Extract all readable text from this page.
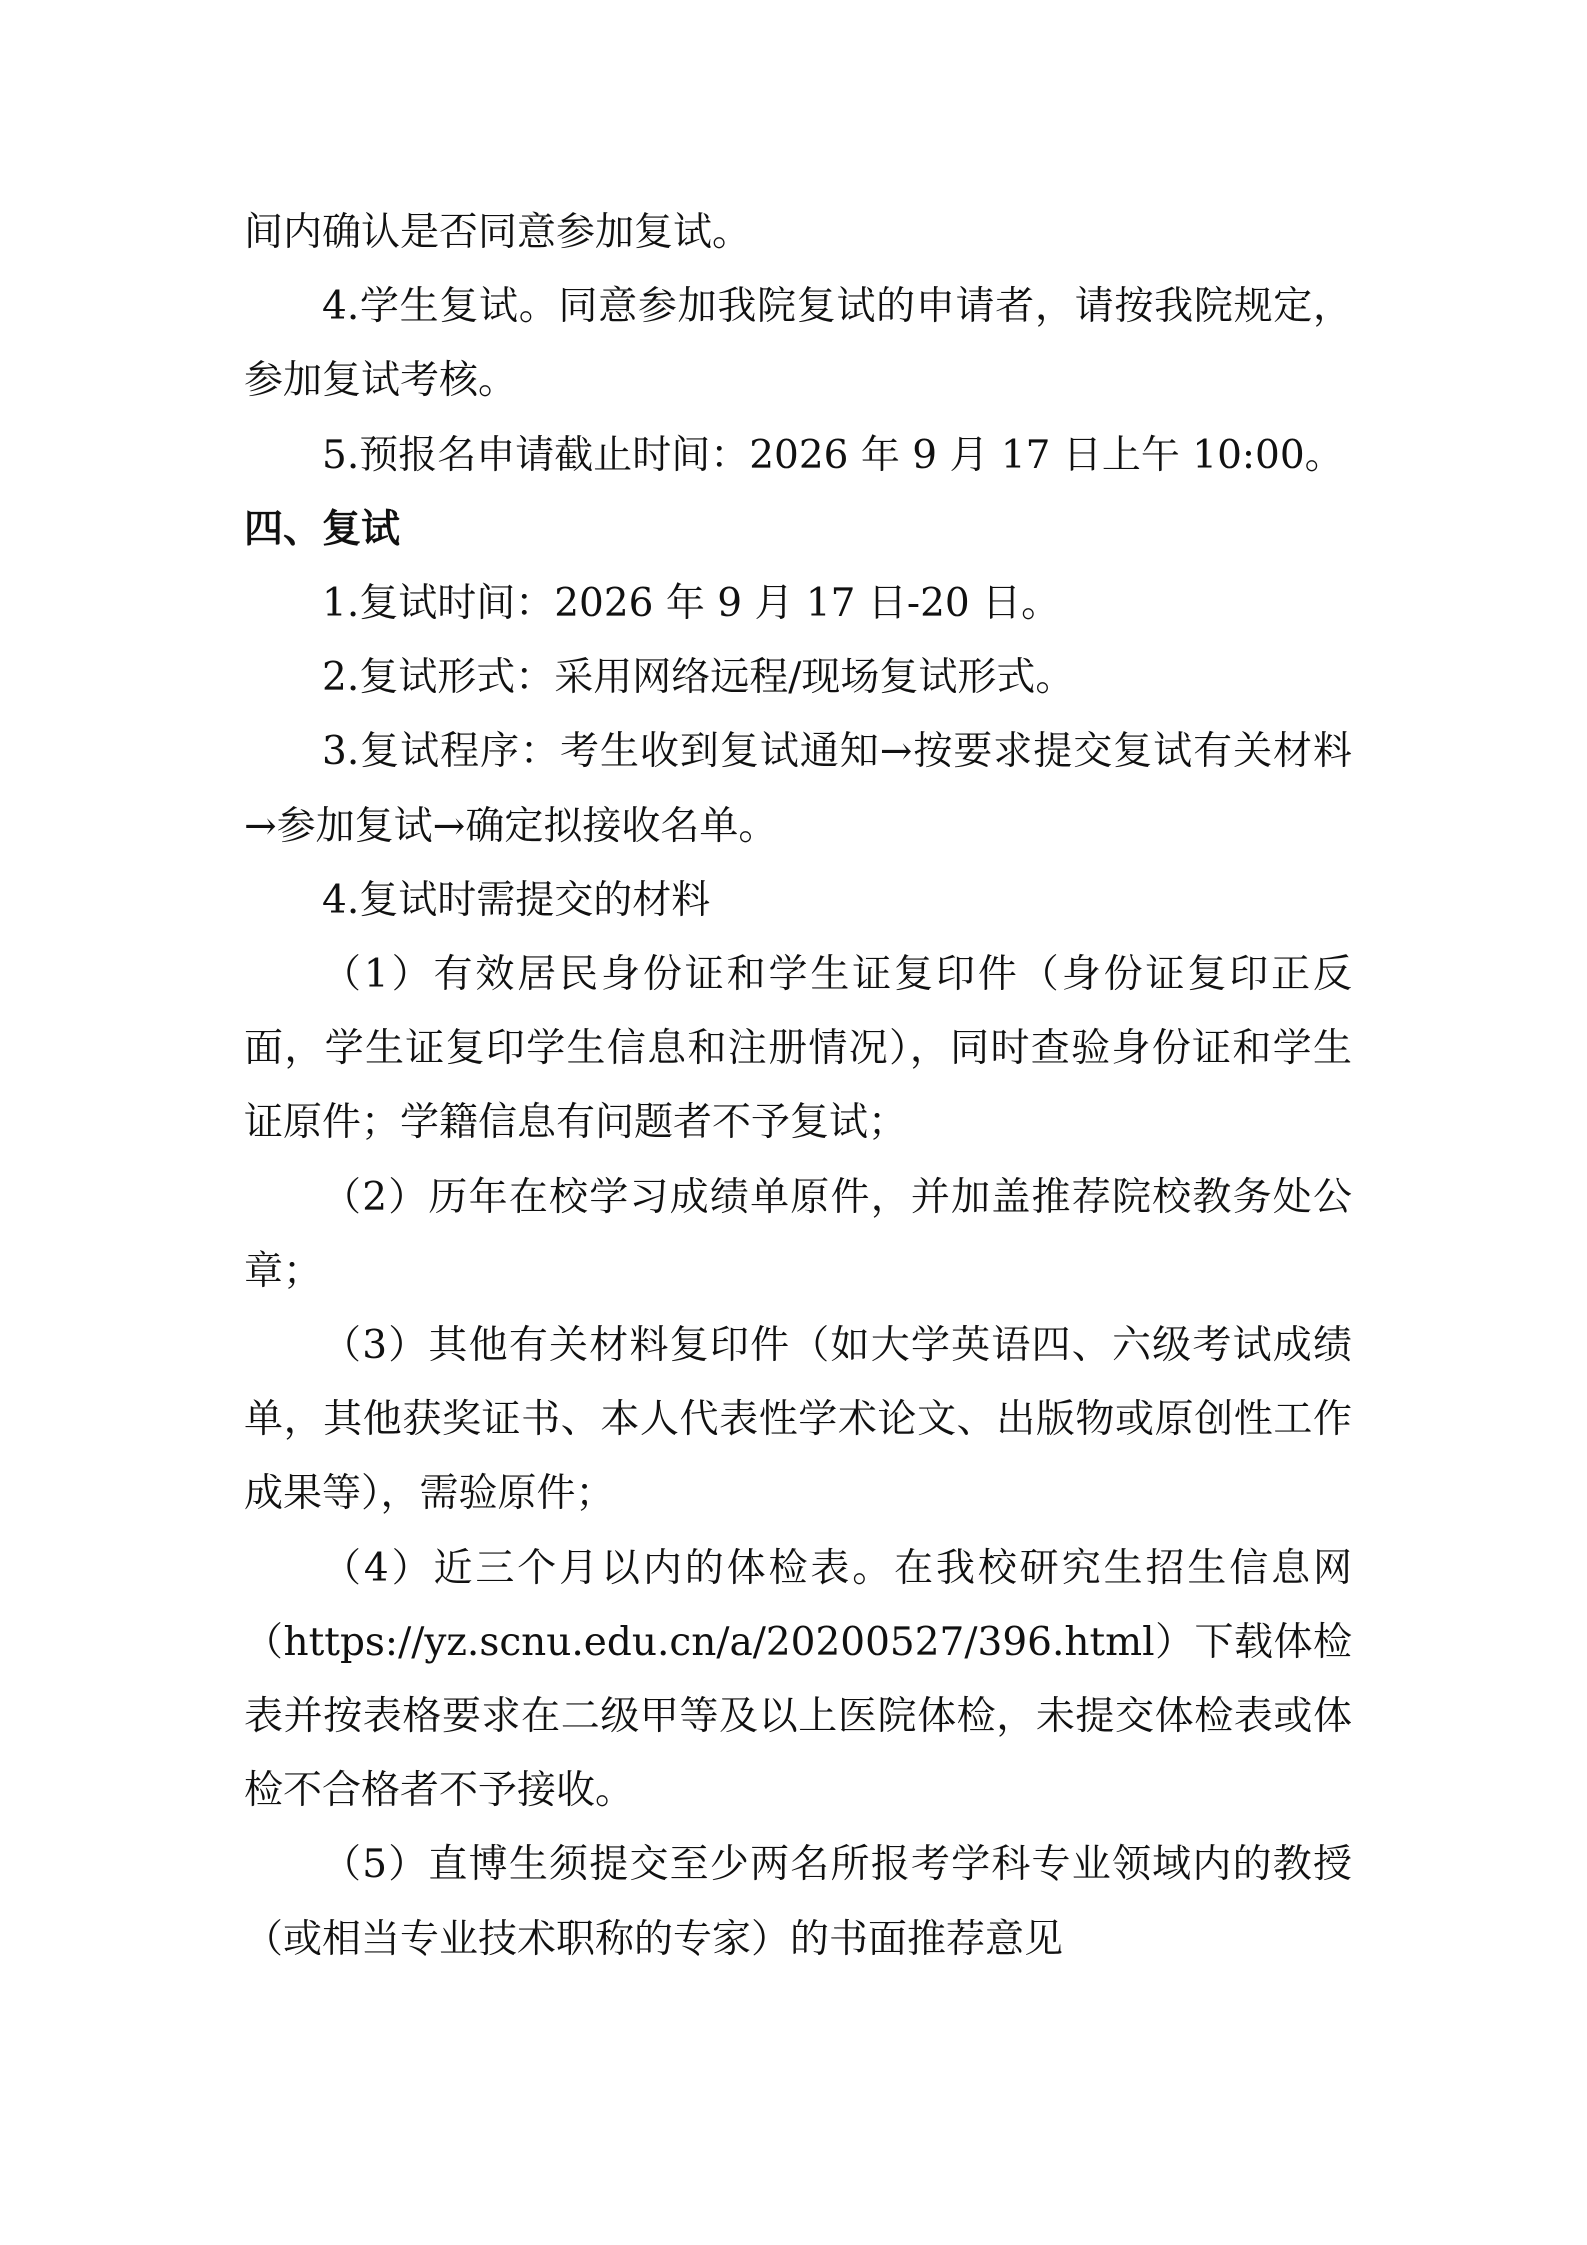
间内确认是否同意参加复试。

4.学生复试。同意参加我院复试的申请者，请按我院规定，参加复试考核。

5.预报名申请截止时间：2026 年 9 月 17 日上午 10:00。

四、复试

1.复试时间：2026 年 9 月 17 日-20 日。

2.复试形式：采用网络远程/现场复试形式。

3.复试程序：考生收到复试通知→按要求提交复试有关材料→参加复试→确定拟接收名单。

4.复试时需提交的材料

（1）有效居民身份证和学生证复印件（身份证复印正反面，学生证复印学生信息和注册情况），同时查验身份证和学生证原件；学籍信息有问题者不予复试；

（2）历年在校学习成绩单原件，并加盖推荐院校教务处公章；

（3）其他有关材料复印件（如大学英语四、六级考试成绩单，其他获奖证书、本人代表性学术论文、出版物或原创性工作成果等），需验原件；

（4）近三个月以内的体检表。在我校研究生招生信息网（https://yz.scnu.edu.cn/a/20200527/396.html）下载体检表并按表格要求在二级甲等及以上医院体检，未提交体检表或体检不合格者不予接收。

（5）直博生须提交至少两名所报考学科专业领域内的教授（或相当专业技术职称的专家）的书面推荐意见
